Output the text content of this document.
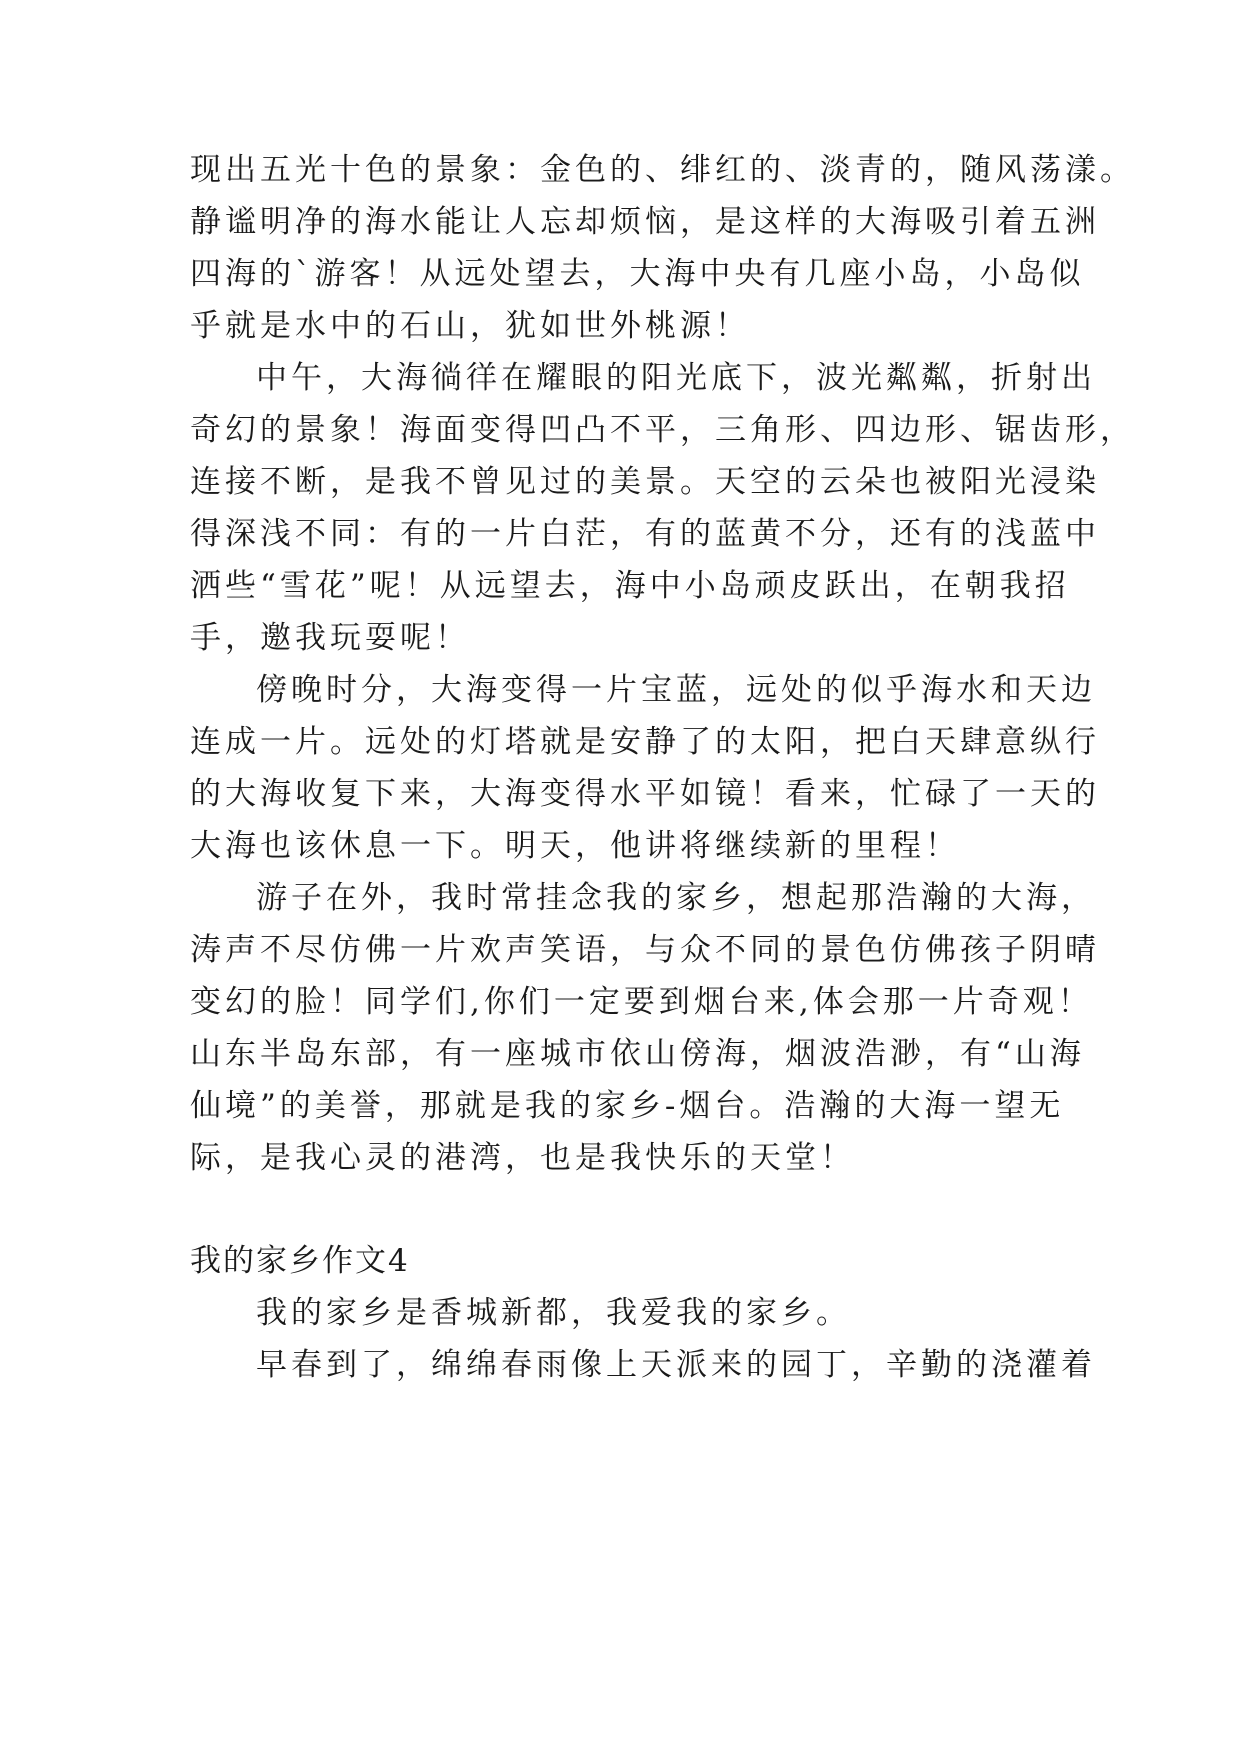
现出五光十色的景象：金色的、绯红的、淡青的，随风荡漾。

静谧明净的海水能让人忘却烦恼，是这样的大海吸引着五洲

四海的`游客！从远处望去，大海中央有几座小岛，小岛似

乎就是水中的石山，犹如世外桃源！

中午，大海徜徉在耀眼的阳光底下，波光粼粼，折射出

奇幻的景象！海面变得凹凸不平，三角形、四边形、锯齿形，

连接不断，是我不曾见过的美景。天空的云朵也被阳光浸染

得深浅不同：有的一片白茫，有的蓝黄不分，还有的浅蓝中

洒些“雪花”呢！从远望去，海中小岛顽皮跃出，在朝我招

手，邀我玩耍呢！

傍晚时分，大海变得一片宝蓝，远处的似乎海水和天边

连成一片。远处的灯塔就是安静了的太阳，把白天肆意纵行

的大海收复下来，大海变得水平如镜！看来，忙碌了一天的

大海也该休息一下。明天，他讲将继续新的里程！

游子在外，我时常挂念我的家乡，想起那浩瀚的大海，

涛声不尽仿佛一片欢声笑语，与众不同的景色仿佛孩子阴晴

变幻的脸！同学们,你们一定要到烟台来,体会那一片奇观！

山东半岛东部，有一座城市依山傍海，烟波浩渺，有“山海

仙境”的美誉，那就是我的家乡-烟台。浩瀚的大海一望无

际，是我心灵的港湾，也是我快乐的天堂！

我的家乡作文4

我的家乡是香城新都，我爱我的家乡。

早春到了，绵绵春雨像上天派来的园丁，辛勤的浇灌着
